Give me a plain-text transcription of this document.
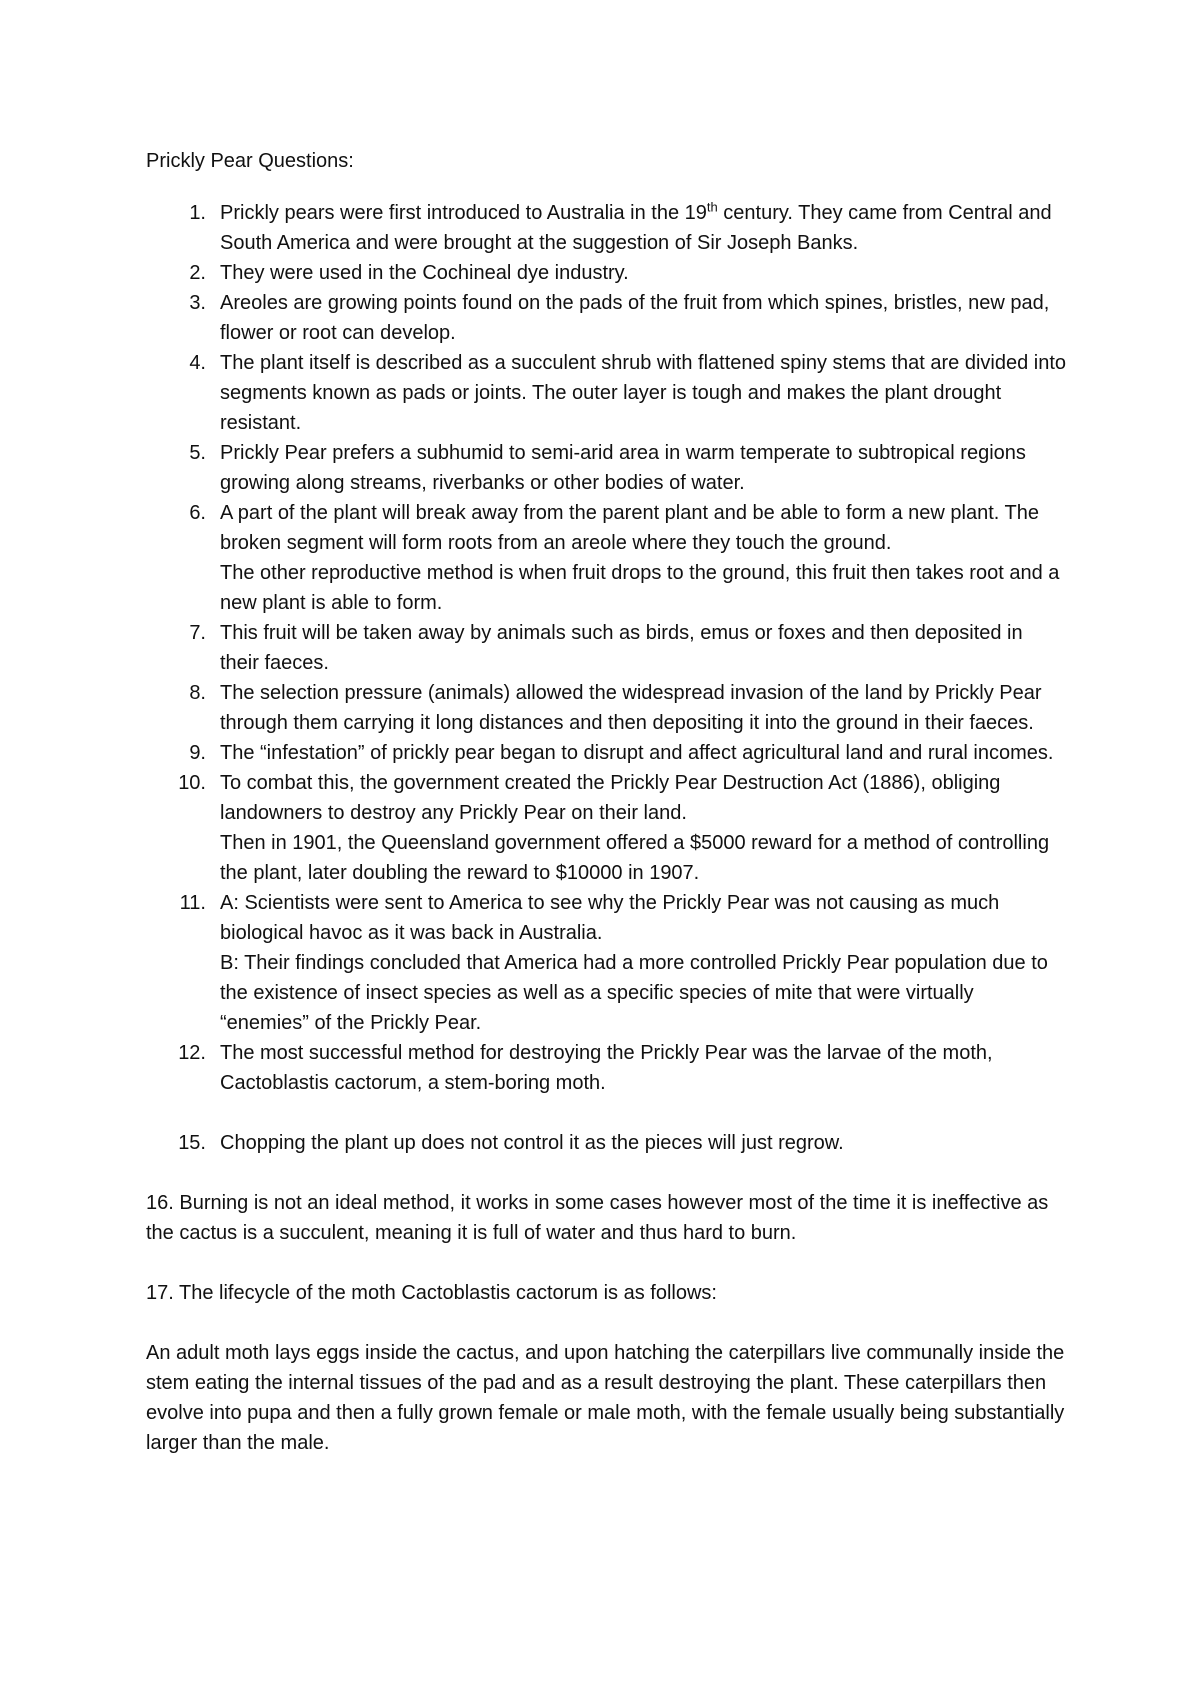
Prickly Pear Questions:

1. Prickly pears were first introduced to Australia in the 19th century. They came from Central and South America and were brought at the suggestion of Sir Joseph Banks.
2. They were used in the Cochineal dye industry.
3. Areoles are growing points found on the pads of the fruit from which spines, bristles, new pad, flower or root can develop.
4. The plant itself is described as a succulent shrub with flattened spiny stems that are divided into segments known as pads or joints. The outer layer is tough and makes the plant drought resistant.
5. Prickly Pear prefers a subhumid to semi-arid area in warm temperate to subtropical regions growing along streams, riverbanks or other bodies of water.
6. A part of the plant will break away from the parent plant and be able to form a new plant. The broken segment will form roots from an areole where they touch the ground.
The other reproductive method is when fruit drops to the ground, this fruit then takes root and a new plant is able to form.
7. This fruit will be taken away by animals such as birds, emus or foxes and then deposited in their faeces.
8. The selection pressure (animals) allowed the widespread invasion of the land by Prickly Pear through them carrying it long distances and then depositing it into the ground in their faeces.
9. The “infestation” of prickly pear began to disrupt and affect agricultural land and rural incomes.
10. To combat this, the government created the Prickly Pear Destruction Act (1886), obliging landowners to destroy any Prickly Pear on their land.
Then in 1901, the Queensland government offered a $5000 reward for a method of controlling the plant, later doubling the reward to $10000 in 1907.
11. A: Scientists were sent to America to see why the Prickly Pear was not causing as much biological havoc as it was back in Australia.
B: Their findings concluded that America had a more controlled Prickly Pear population due to the existence of insect species as well as a specific species of mite that were virtually “enemies” of the Prickly Pear.
12. The most successful method for destroying the Prickly Pear was the larvae of the moth, Cactoblastis cactorum, a stem-boring moth.
15. Chopping the plant up does not control it as the pieces will just regrow.

16. Burning is not an ideal method, it works in some cases however most of the time it is ineffective as the cactus is a succulent, meaning it is full of water and thus hard to burn.

17. The lifecycle of the moth Cactoblastis cactorum is as follows:

An adult moth lays eggs inside the cactus, and upon hatching the caterpillars live communally inside the stem eating the internal tissues of the pad and as a result destroying the plant. These caterpillars then evolve into pupa and then a fully grown female or male moth, with the female usually being substantially larger than the male.
